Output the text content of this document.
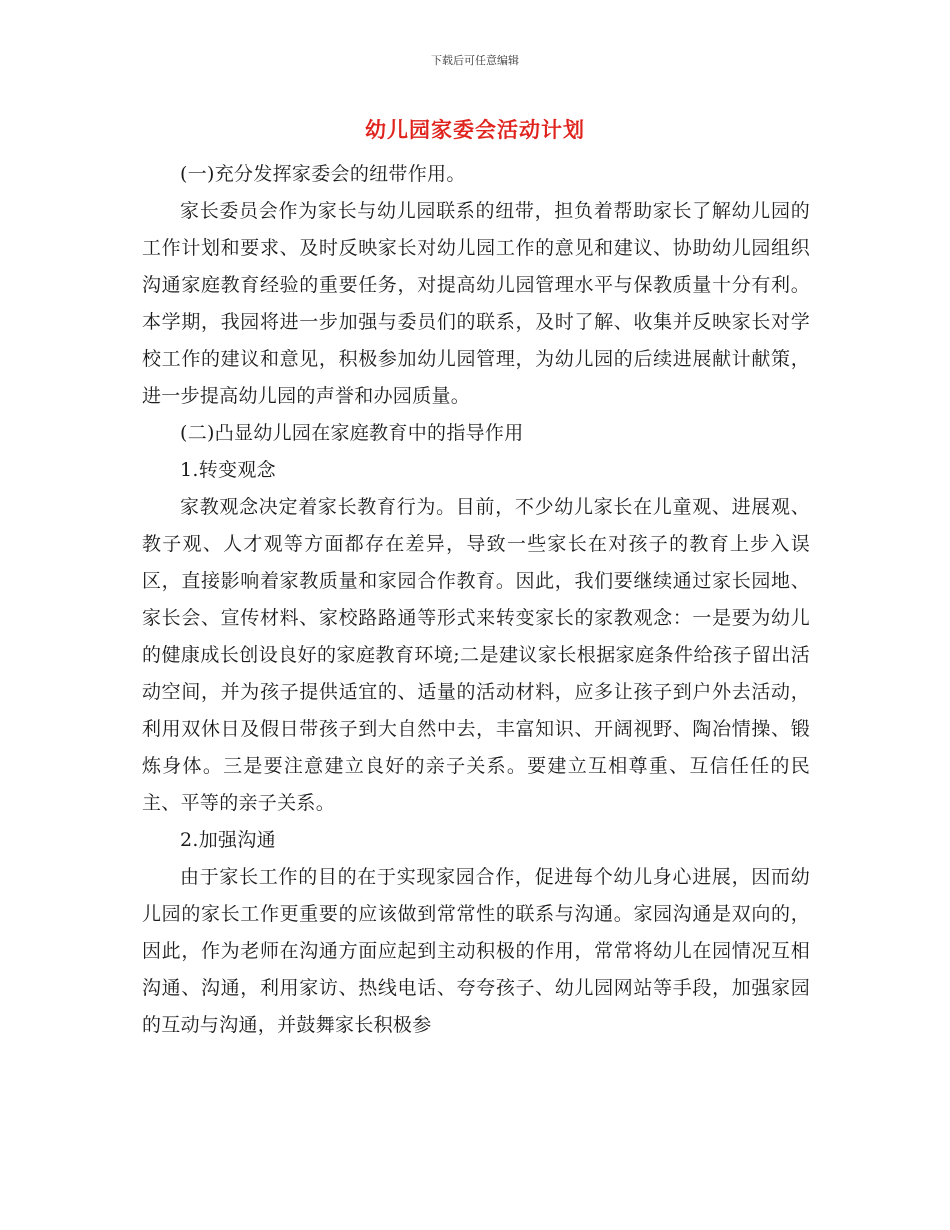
下载后可任意编辑
幼儿园家委会活动计划

(一)充分发挥家委会的纽带作用。

家长委员会作为家长与幼儿园联系的纽带，担负着帮助家长了解幼儿园的工作计划和要求、及时反映家长对幼儿园工作的意见和建议、协助幼儿园组织沟通家庭教育经验的重要任务，对提高幼儿园管理水平与保教质量十分有利。本学期，我园将进一步加强与委员们的联系，及时了解、收集并反映家长对学校工作的建议和意见，积极参加幼儿园管理，为幼儿园的后续进展献计献策，进一步提高幼儿园的声誉和办园质量。

(二)凸显幼儿园在家庭教育中的指导作用

1.转变观念

家教观念决定着家长教育行为。目前，不少幼儿家长在儿童观、进展观、教子观、人才观等方面都存在差异，导致一些家长在对孩子的教育上步入误区，直接影响着家教质量和家园合作教育。因此，我们要继续通过家长园地、家长会、宣传材料、家校路路通等形式来转变家长的家教观念：一是要为幼儿的健康成长创设良好的家庭教育环境;二是建议家长根据家庭条件给孩子留出活动空间，并为孩子提供适宜的、适量的活动材料，应多让孩子到户外去活动，利用双休日及假日带孩子到大自然中去，丰富知识、开阔视野、陶冶情操、锻炼身体。三是要注意建立良好的亲子关系。要建立互相尊重、互信任任的民主、平等的亲子关系。

2.加强沟通

由于家长工作的目的在于实现家园合作，促进每个幼儿身心进展，因而幼儿园的家长工作更重要的应该做到常常性的联系与沟通。家园沟通是双向的，因此，作为老师在沟通方面应起到主动积极的作用，常常将幼儿在园情况互相沟通、沟通，利用家访、热线电话、夸夸孩子、幼儿园网站等手段，加强家园的互动与沟通，并鼓舞家长积极参
